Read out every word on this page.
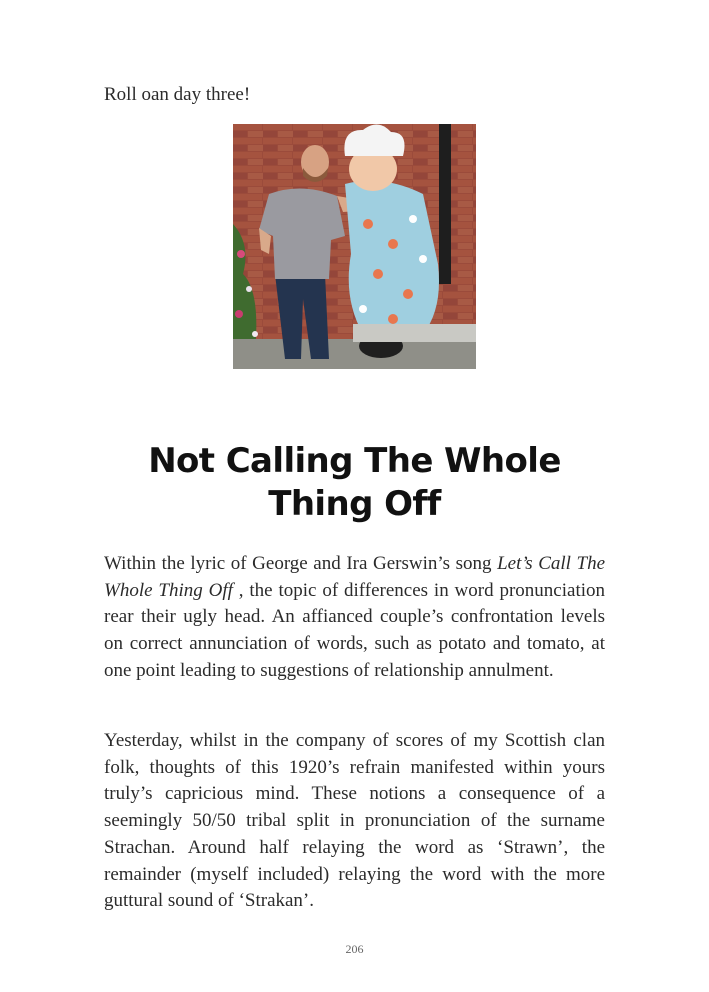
Roll oan day three!

Not Calling The Whole Thing Off

Within the lyric of George and Ira Gerswin’s song Let’s Call The Whole Thing Off , the topic of differences in word pronunciation rear their ugly head. An affianced couple’s confrontation levels on correct annunciation of words, such as potato and tomato, at one point leading to suggestions of relationship annulment.

Yesterday, whilst in the company of scores of my Scottish clan folk, thoughts of this 1920’s refrain manifested within yours truly’s capricious mind. These notions a consequence of a seemingly 50/50 tribal split in pronunciation of the surname Strachan. Around half relaying the word as ‘Strawn’, the remainder (myself included) relaying the word with the more guttural sound of ‘Strakan’.

206
